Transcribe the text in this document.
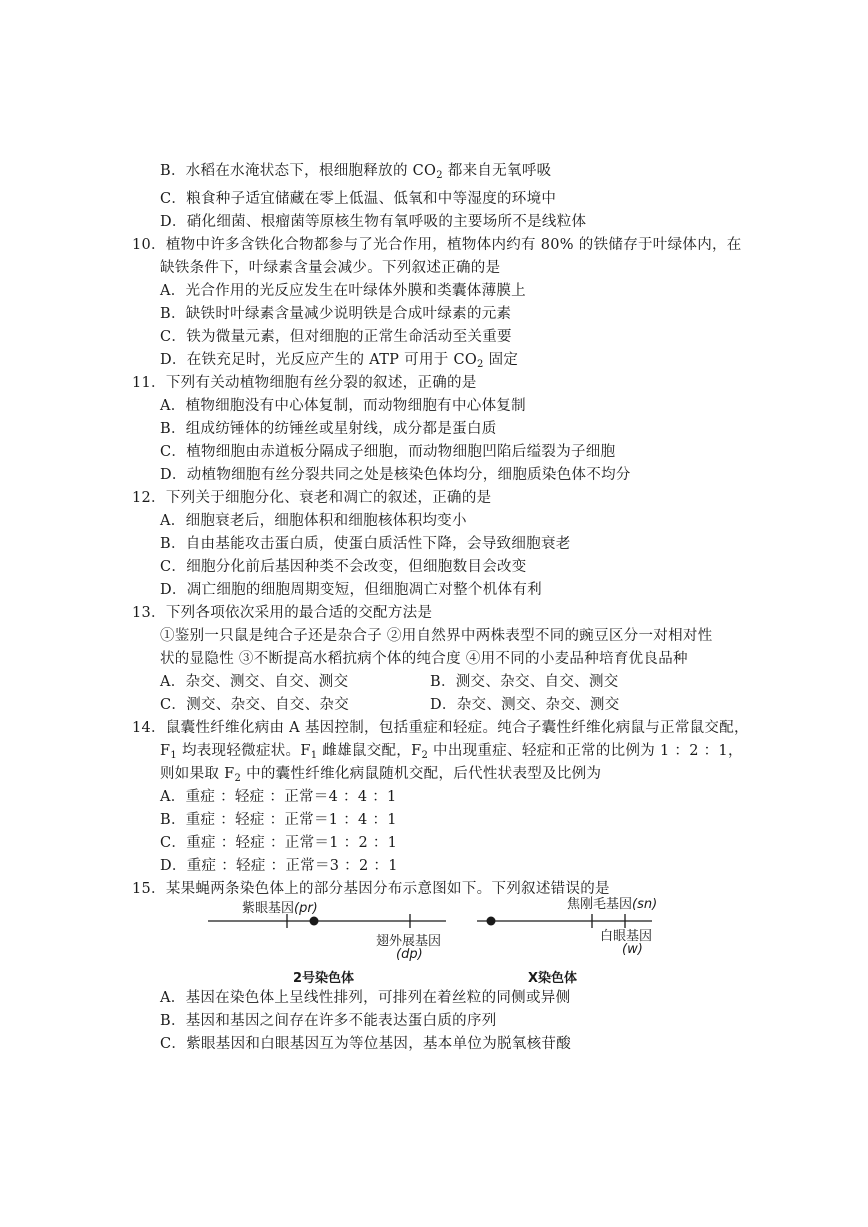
B．水稻在水淹状态下，根细胞释放的 $CO_2$ 都来自无氧呼吸
C．粮食种子适宜储藏在零上低温、低氧和中等湿度的环境中
D．硝化细菌、根瘤菌等原核生物有氧呼吸的主要场所不是线粒体
10．植物中许多含铁化合物都参与了光合作用，植物体内约有 80% 的铁储存于叶绿体内，在
缺铁条件下，叶绿素含量会减少。下列叙述正确的是
A．光合作用的光反应发生在叶绿体外膜和类囊体薄膜上
B．缺铁时叶绿素含量减少说明铁是合成叶绿素的元素
C．铁为微量元素，但对细胞的正常生命活动至关重要
D．在铁充足时，光反应产生的 ATP 可用于 $CO_2$ 固定
11．下列有关动植物细胞有丝分裂的叙述，正确的是
A．植物细胞没有中心体复制，而动物细胞有中心体复制
B．组成纺锤体的纺锤丝或星射线，成分都是蛋白质
C．植物细胞由赤道板分隔成子细胞，而动物细胞凹陷后缢裂为子细胞
D．动植物细胞有丝分裂共同之处是核染色体均分，细胞质染色体不均分
12．下列关于细胞分化、衰老和凋亡的叙述，正确的是
A．细胞衰老后，细胞体积和细胞核体积均变小
B．自由基能攻击蛋白质，使蛋白质活性下降，会导致细胞衰老
C．细胞分化前后基因种类不会改变，但细胞数目会改变
D．凋亡细胞的细胞周期变短，但细胞凋亡对整个机体有利
13．下列各项依次采用的最合适的交配方法是
①鉴别一只鼠是纯合子还是杂合子 ②用自然界中两株表型不同的豌豆区分一对相对性
状的显隐性 ③不断提高水稻抗病个体的纯合度 ④用不同的小麦品种培育优良品种
A．杂交、测交、自交、测交	B．测交、杂交、自交、测交
C．测交、杂交、自交、杂交	D．杂交、测交、杂交、测交
14．鼠囊性纤维化病由 A 基因控制，包括重症和轻症。纯合子囊性纤维化病鼠与正常鼠交配，
$F_1$ 均表现轻微症状。$F_1$ 雌雄鼠交配，$F_2$ 中出现重症、轻症和正常的比例为 1 ：2 ：1，
则如果取 $F_2$ 中的囊性纤维化病鼠随机交配，后代性状表型及比例为
A．重症 ：轻症 ：正常＝4 ：4 ：1
B．重症 ：轻症 ：正常＝1 ：4 ：1
C．重症 ：轻症 ：正常＝1 ：2 ：1
D．重症 ：轻症 ：正常＝3 ：2 ：1
15．某果蝇两条染色体上的部分基因分布示意图如下。下列叙述错误的是
紫眼基因(pr)
翅外展基因
(dp)
2号染色体
焦刚毛基因(sn)
白眼基因
(w)
X染色体
A．基因在染色体上呈线性排列，可排列在着丝粒的同侧或异侧
B．基因和基因之间存在许多不能表达蛋白质的序列
C．紫眼基因和白眼基因互为等位基因，基本单位为脱氧核苷酸
